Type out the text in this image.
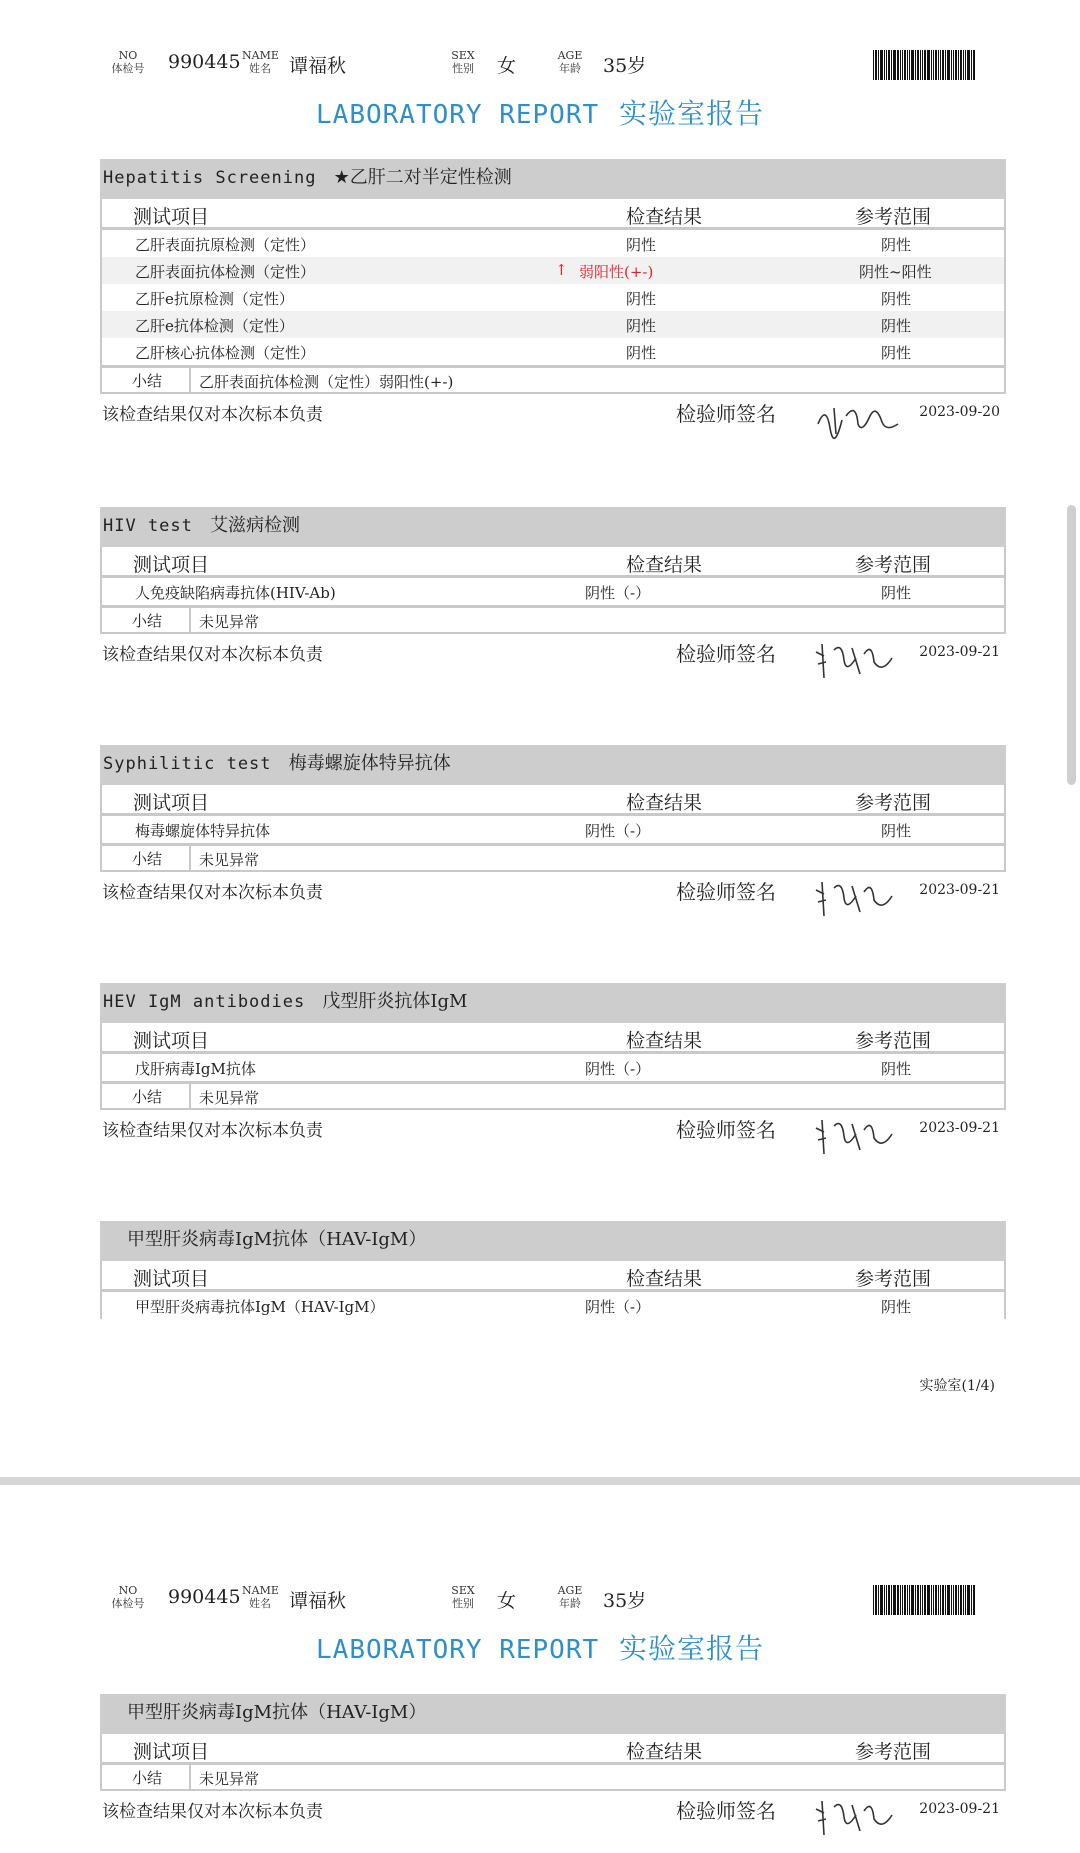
NO
体检号	990445 NAME
姓名 谭福秋	SEX
性别 女	AGE
年龄 35岁
LABORATORY REPORT 实验室报告
Hepatitis Screening ★乙肝二对半定性检测
测试项目	检查结果	参考范围
乙肝表面抗原检测（定性）	阴性	阴性
乙肝表面抗体检测（定性）	↑ 弱阳性(+-)	阴性~阳性
乙肝e抗原检测（定性）	阴性	阴性
乙肝e抗体检测（定性）	阴性	阴性
乙肝核心抗体检测（定性）	阴性	阴性
小结 乙肝表面抗体检测（定性）弱阳性(+-)
该检查结果仅对本次标本负责	检验师签名	2023-09-20
HIV test 艾滋病检测
测试项目	检查结果	参考范围
人免疫缺陷病毒抗体(HIV-Ab)	阴性（-）	阴性
小结 未见异常
该检查结果仅对本次标本负责	检验师签名	2023-09-21
Syphilitic test 梅毒螺旋体特异抗体
测试项目	检查结果	参考范围
梅毒螺旋体特异抗体	阴性（-）	阴性
小结 未见异常
该检查结果仅对本次标本负责	检验师签名	2023-09-21
HEV IgM antibodies 戊型肝炎抗体IgM
测试项目	检查结果	参考范围
戊肝病毒IgM抗体	阴性（-）	阴性
小结 未见异常
该检查结果仅对本次标本负责	检验师签名	2023-09-21
甲型肝炎病毒IgM抗体（HAV-IgM）
测试项目	检查结果	参考范围
甲型肝炎病毒抗体IgM（HAV-IgM）	阴性（-）	阴性
实验室(1/4)
NO
体检号	990445 NAME
姓名 谭福秋	SEX
性别 女	AGE
年龄 35岁
LABORATORY REPORT 实验室报告
甲型肝炎病毒IgM抗体（HAV-IgM）
测试项目	检查结果	参考范围
小结 未见异常
该检查结果仅对本次标本负责	检验师签名	2023-09-21
